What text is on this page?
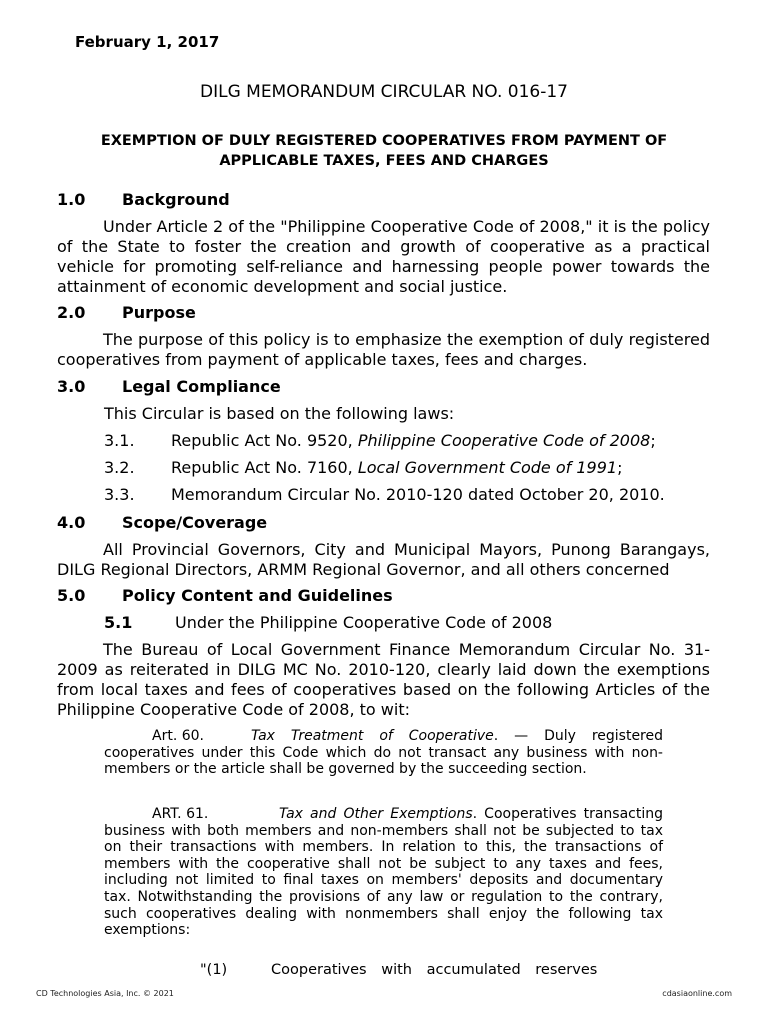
February 1, 2017
DILG MEMORANDUM CIRCULAR NO. 016-17
EXEMPTION OF DULY REGISTERED COOPERATIVES FROM PAYMENT OF APPLICABLE TAXES, FEES AND CHARGES
1.0 Background
Under Article 2 of the "Philippine Cooperative Code of 2008," it is the policy of the State to foster the creation and growth of cooperative as a practical vehicle for promoting self-reliance and harnessing people power towards the attainment of economic development and social justice.
2.0 Purpose
The purpose of this policy is to emphasize the exemption of duly registered cooperatives from payment of applicable taxes, fees and charges.
3.0 Legal Compliance
This Circular is based on the following laws:
3.1. Republic Act No. 9520, Philippine Cooperative Code of 2008;
3.2. Republic Act No. 7160, Local Government Code of 1991;
3.3. Memorandum Circular No. 2010-120 dated October 20, 2010.
4.0 Scope/Coverage
All Provincial Governors, City and Municipal Mayors, Punong Barangays, DILG Regional Directors, ARMM Regional Governor, and all others concerned
5.0 Policy Content and Guidelines
5.1	Under the Philippine Cooperative Code of 2008
The Bureau of Local Government Finance Memorandum Circular No. 31-2009 as reiterated in DILG MC No. 2010-120, clearly laid down the exemptions from local taxes and fees of cooperatives based on the following Articles of the Philippine Cooperative Code of 2008, to wit:
Art. 60.	Tax Treatment of Cooperative. — Duly registered cooperatives under this Code which do not transact any business with non-members or the article shall be governed by the succeeding section.
ART. 61.	Tax and Other Exemptions. Cooperatives transacting business with both members and non-members shall not be subjected to tax on their transactions with members. In relation to this, the transactions of members with the cooperative shall not be subject to any taxes and fees, including not limited to final taxes on members' deposits and documentary tax. Notwithstanding the provisions of any law or regulation to the contrary, such cooperatives dealing with nonmembers shall enjoy the following tax exemptions:
"(1)	Cooperatives with accumulated reserves
CD Technologies Asia, Inc. © 2021	cdasiaonline.com
